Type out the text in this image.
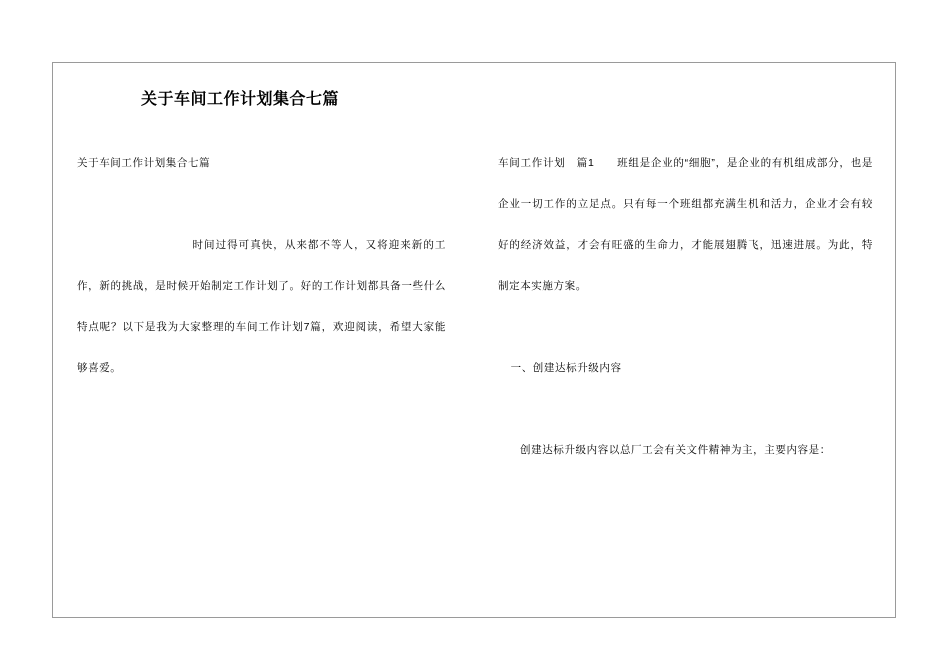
关于车间工作计划集合七篇

关于车间工作计划集合七篇

时间过得可真快，从来都不等人，又将迎来新的工作，新的挑战，是时候开始制定工作计划了。好的工作计划都具备一些什么特点呢？以下是我为大家整理的车间工作计划7篇，欢迎阅读，希望大家能够喜爱。

车间工作计划　篇1　　班组是企业的“细胞”，是企业的有机组成部分，也是企业一切工作的立足点。只有每一个班组都充满生机和活力，企业才会有较好的经济效益，才会有旺盛的生命力，才能展翅腾飞，迅速进展。为此，特制定本实施方案。

一、创建达标升级内容

创建达标升级内容以总厂工会有关文件精神为主，主要内容是：
